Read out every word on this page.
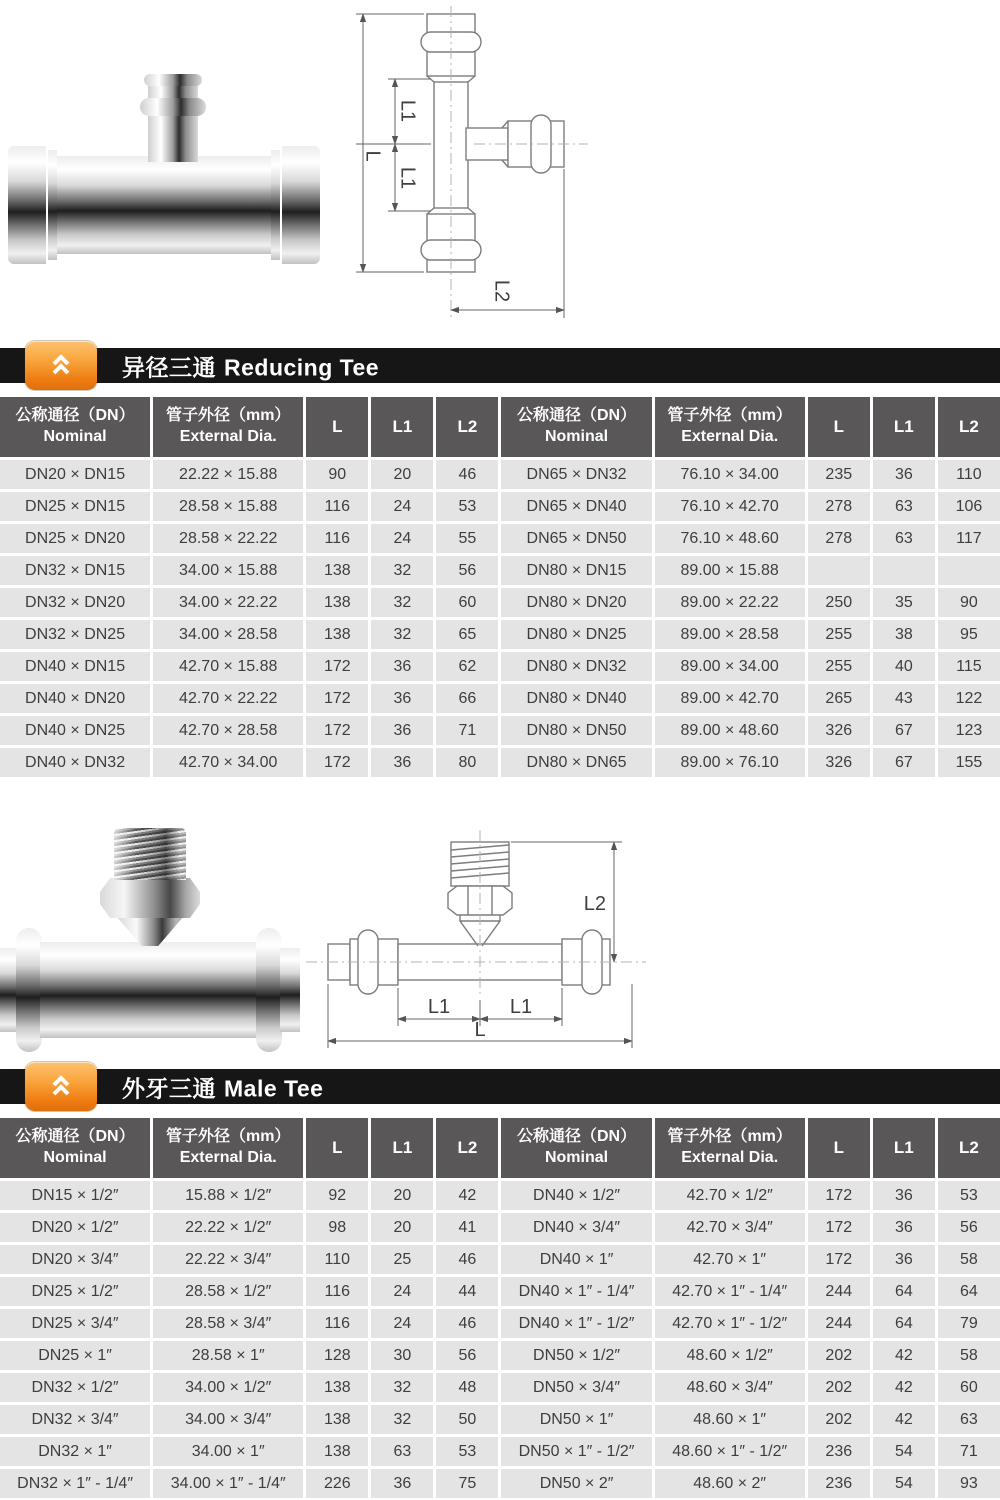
L1
L
L1
L2
异径三通 Reducing Tee
公称通径（DN）
Nominal

管子外径（mm）
External Dia.
	L	L1	L2	
公称通径（DN）
Nominal

管子外径（mm）
External Dia.
	L	L1	L2
DN20 × DN15	22.22 × 15.88	90	20	46	DN65 × DN32	76.10 × 34.00	235	36	110
DN25 × DN15	28.58 × 15.88	116	24	53	DN65 × DN40	76.10 × 42.70	278	63	106
DN25 × DN20	28.58 × 22.22	116	24	55	DN65 × DN50	76.10 × 48.60	278	63	117
DN32 × DN15	34.00 × 15.88	138	32	56	DN80 × DN15	89.00 × 15.88			
DN32 × DN20	34.00 × 22.22	138	32	60	DN80 × DN20	89.00 × 22.22	250	35	90
DN32 × DN25	34.00 × 28.58	138	32	65	DN80 × DN25	89.00 × 28.58	255	38	95
DN40 × DN15	42.70 × 15.88	172	36	62	DN80 × DN32	89.00 × 34.00	255	40	115
DN40 × DN20	42.70 × 22.22	172	36	66	DN80 × DN40	89.00 × 42.70	265	43	122
DN40 × DN25	42.70 × 28.58	172	36	71	DN80 × DN50	89.00 × 48.60	326	67	123
DN40 × DN32	42.70 × 34.00	172	36	80	DN80 × DN65	89.00 × 76.10	326	67	155
L2
L1	L1
L
外牙三通 Male Tee
公称通径（DN）
Nominal

管子外径（mm）
External Dia.
	L	L1	L2	
公称通径（DN）
Nominal

管子外径（mm）
External Dia.
	L	L1	L2
DN15 × 1/2″	15.88 × 1/2″	92	20	42	DN40 × 1/2″	42.70 × 1/2″	172	36	53
DN20 × 1/2″	22.22 × 1/2″	98	20	41	DN40 × 3/4″	42.70 × 3/4″	172	36	56
DN20 × 3/4″	22.22 × 3/4″	110	25	46	DN40 × 1″	42.70 × 1″	172	36	58
DN25 × 1/2″	28.58 × 1/2″	116	24	44	DN40 × 1″ - 1/4″	42.70 × 1″ - 1/4″	244	64	64
DN25 × 3/4″	28.58 × 3/4″	116	24	46	DN40 × 1″ - 1/2″	42.70 × 1″ - 1/2″	244	64	79
DN25 × 1″	28.58 × 1″	128	30	56	DN50 × 1/2″	48.60 × 1/2″	202	42	58
DN32 × 1/2″	34.00 × 1/2″	138	32	48	DN50 × 3/4″	48.60 × 3/4″	202	42	60
DN32 × 3/4″	34.00 × 3/4″	138	32	50	DN50 × 1″	48.60 × 1″	202	42	63
DN32 × 1″	34.00 × 1″	138	63	53	DN50 × 1″ - 1/2″	48.60 × 1″ - 1/2″	236	54	71
DN32 × 1″ - 1/4″	34.00 × 1″ - 1/4″	226	36	75	DN50 × 2″	48.60 × 2″	236	54	93
